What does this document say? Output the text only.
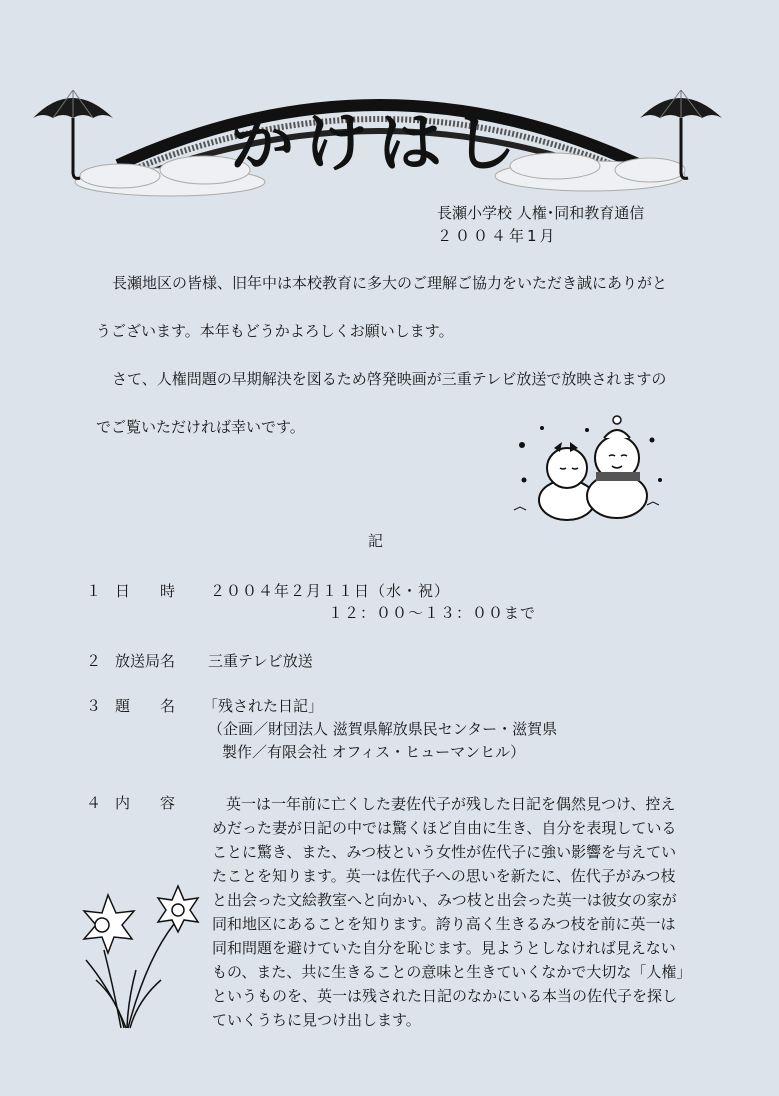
かけはし
長瀬小学校 人権･同和教育通信
２００４年1月
長瀬地区の皆様、旧年中は本校教育に多大のご理解ご協力をいただき誠にありがと
うございます。本年もどうかよろしくお願いします。
さて、人権問題の早期解決を図るため啓発映画が三重テレビ放送で放映されますの
でご覧いただければ幸いです。
記
１ 日　　時 ２００４年２月１１日（水・祝）
１２：００～１３：００まで
２ 放送局名 三重テレビ放送
３ 題　　名 「残された日記」
（企画／財団法人 滋賀県解放県民センター・滋賀県
製作／有限会社 オフィス・ヒューマンヒル）
４ 内　　容	英一は一年前に亡くした妻佐代子が残した日記を偶然見つけ、控え
めだった妻が日記の中では驚くほど自由に生き、自分を表現している
ことに驚き、また、みつ枝という女性が佐代子に強い影響を与えてい
たことを知ります。英一は佐代子への思いを新たに、佐代子がみつ枝
と出会った文絵教室へと向かい、みつ枝と出会った英一は彼女の家が
同和地区にあることを知ります。誇り高く生きるみつ枝を前に英一は
同和問題を避けていた自分を恥じます。見ようとしなければ見えない
もの、また、共に生きることの意味と生きていくなかで大切な「人権」
というものを、英一は残された日記のなかにいる本当の佐代子を探し
ていくうちに見つけ出します。
